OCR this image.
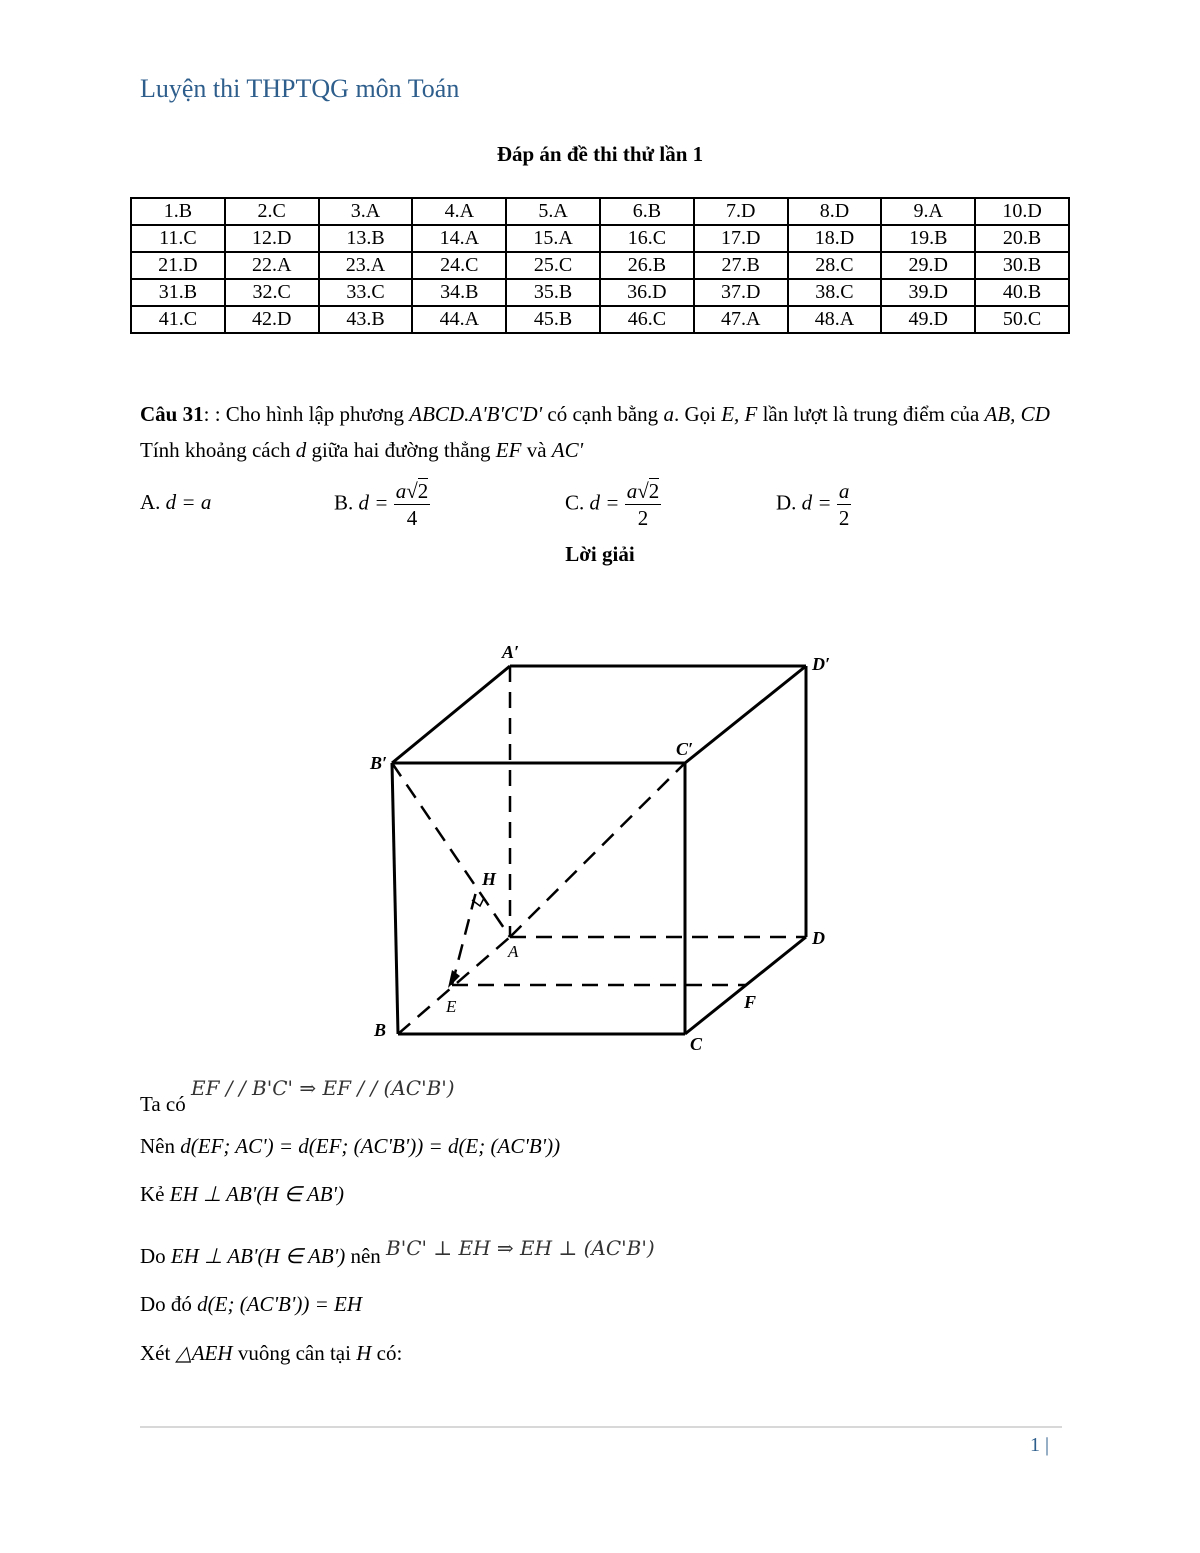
Luyện thi THPTQG môn Toán
Đáp án đề thi thử lần 1
1.B	2.C	3.A	4.A	5.A	6.B	7.D	8.D	9.A	10.D
11.C	12.D	13.B	14.A	15.A	16.C	17.D	18.D	19.B	20.B
21.D	22.A	23.A	24.C	25.C	26.B	27.B	28.C	29.D	30.B
31.B	32.C	33.C	34.B	35.B	36.D	37.D	38.C	39.D	40.B
41.C	42.D	43.B	44.A	45.B	46.C	47.A	48.A	49.D	50.C
Câu 31: : Cho hình lập phương ABCD.A'B'C'D' có cạnh bằng a. Gọi E, F lần lượt là trung điểm của AB, CD Tính khoảng cách d giữa hai đường thẳng EF và AC'
A. d = a	B. $d = \frac{a√2}{4}$	C. $d = \frac{a√2}{2}$	D. $d = \frac{a}{2}$
Lời giải
A′
D′
B′
C′
H
D
F
B
C
A
E
Ta có EF / / B'C' ⇒ EF / / (AC'B')
Nên d(EF; AC') = d(EF; (AC'B')) = d(E; (AC'B'))
Kẻ EH ⊥ AB'(H ∈ AB')
Do EH ⊥ AB'(H ∈ AB') nên B'C' ⊥ EH ⇒ EH ⊥ (AC'B')
Do đó d(E; (AC'B')) = EH
Xét △AEH vuông cân tại H có:
1 |
